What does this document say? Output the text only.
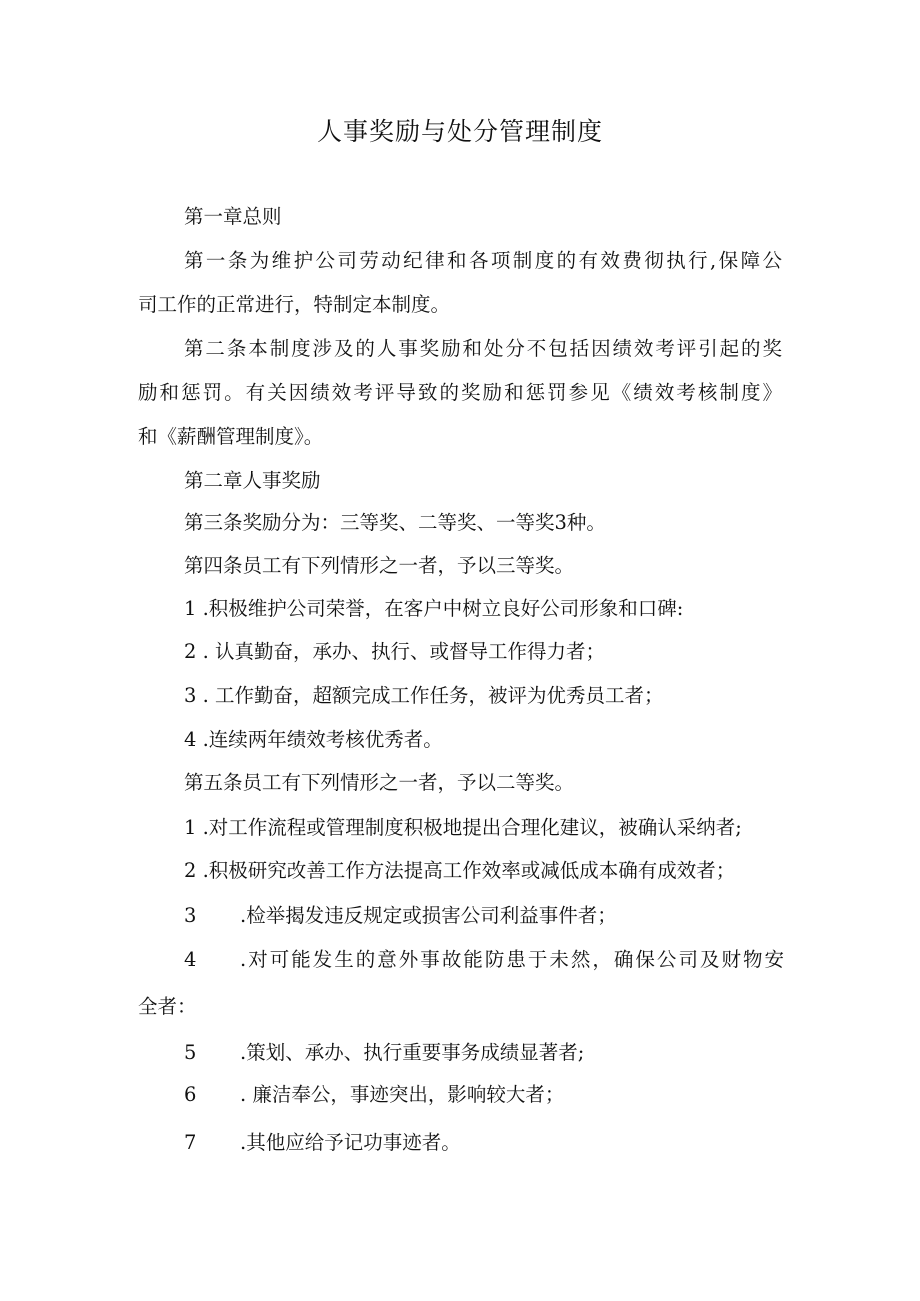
人事奖励与处分管理制度
第一章总则
第一条为维护公司劳动纪律和各项制度的有效费彻执行,保障公
司工作的正常进行，特制定本制度。
第二条本制度涉及的人事奖励和处分不包括因绩效考评引起的奖
励和惩罚。有关因绩效考评导致的奖励和惩罚参见《绩效考核制度》
和《薪酬管理制度》。
第二章人事奖励
第三条奖励分为：三等奖、二等奖、一等奖3种。
第四条员工有下列情形之一者，予以三等奖。
1 .积极维护公司荣誉，在客户中树立良好公司形象和口碑:
2 . 认真勤奋，承办、执行、或督导工作得力者；
3 . 工作勤奋，超额完成工作任务，被评为优秀员工者；
4 .连续两年绩效考核优秀者。
第五条员工有下列情形之一者，予以二等奖。
1 .对工作流程或管理制度积极地提出合理化建议，被确认采纳者;
2 .积极研究改善工作方法提高工作效率或减低成本确有成效者；
3 .检举揭发违反规定或损害公司利益事件者；
4 .对可能发生的意外事故能防患于未然，确保公司及财物安
全者：
5 .策划、承办、执行重要事务成绩显著者;
6 . 廉洁奉公，事迹突出，影响较大者；
7 .其他应给予记功事迹者。
